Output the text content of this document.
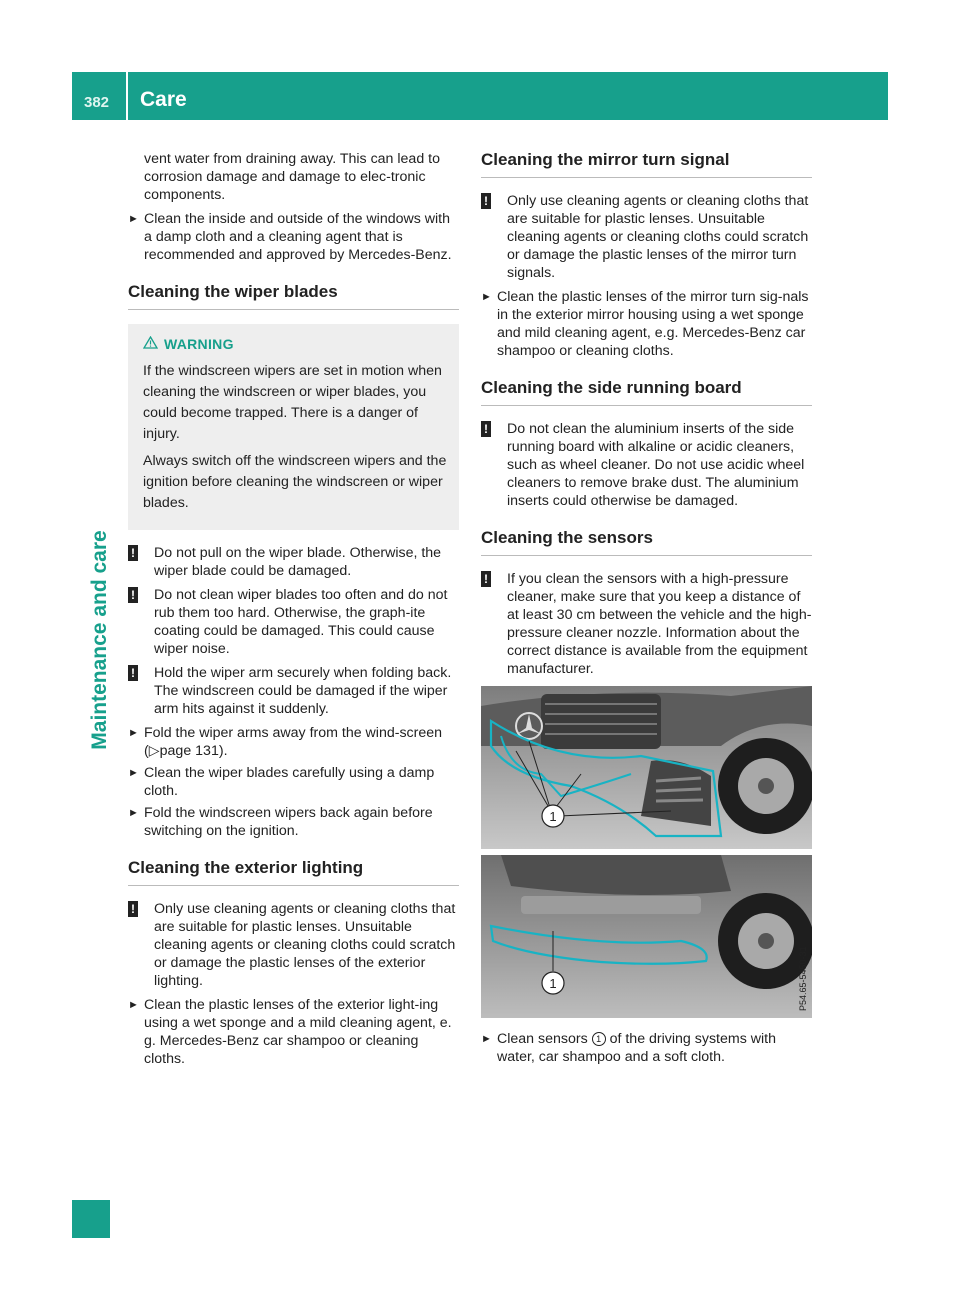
382 Care
Maintenance and care

vent water from draining away. This can lead to corrosion damage and damage to elec-tronic components.

► Clean the inside and outside of the windows with a damp cloth and a cleaning agent that is recommended and approved by Mercedes-Benz.
Cleaning the wiper blades
WARNING

If the windscreen wipers are set in motion when cleaning the windscreen or wiper blades, you could become trapped. There is a danger of injury.

Always switch off the windscreen wipers and the ignition before cleaning the windscreen or wiper blades.

! Do not pull on the wiper blade. Otherwise, the wiper blade could be damaged.
! Do not clean wiper blades too often and do not rub them too hard. Otherwise, the graph-ite coating could be damaged. This could cause wiper noise.
! Hold the wiper arm securely when folding back. The windscreen could be damaged if the wiper arm hits against it suddenly.
► Fold the wiper arms away from the wind-screen (▷page 131).
► Clean the wiper blades carefully using a damp cloth.
► Fold the windscreen wipers back again before switching on the ignition.
Cleaning the exterior lighting
! Only use cleaning agents or cleaning cloths that are suitable for plastic lenses. Unsuitable cleaning agents or cleaning cloths could scratch or damage the plastic lenses of the exterior lighting.
► Clean the plastic lenses of the exterior light-ing using a wet sponge and a mild cleaning agent, e. g. Mercedes-Benz car shampoo or cleaning cloths.
Cleaning the mirror turn signal
! Only use cleaning agents or cleaning cloths that are suitable for plastic lenses. Unsuitable cleaning agents or cleaning cloths could scratch or damage the plastic lenses of the mirror turn signals.
► Clean the plastic lenses of the mirror turn sig-nals in the exterior mirror housing using a wet sponge and mild cleaning agent, e.g. Mercedes-Benz car shampoo or cleaning cloths.
Cleaning the side running board
! Do not clean the aluminium inserts of the side running board with alkaline or acidic cleaners, such as wheel cleaner. Do not use acidic wheel cleaners to remove brake dust. The aluminium inserts could otherwise be damaged.
Cleaning the sensors
! If you clean the sensors with a high-pressure cleaner, make sure that you keep a distance of at least 30 cm between the vehicle and the high-pressure cleaner nozzle. Information about the correct distance is available from the equipment manufacturer.
1
1	P54.65-5450-31
► Clean sensors 1 of the driving systems with water, car shampoo and a soft cloth.
